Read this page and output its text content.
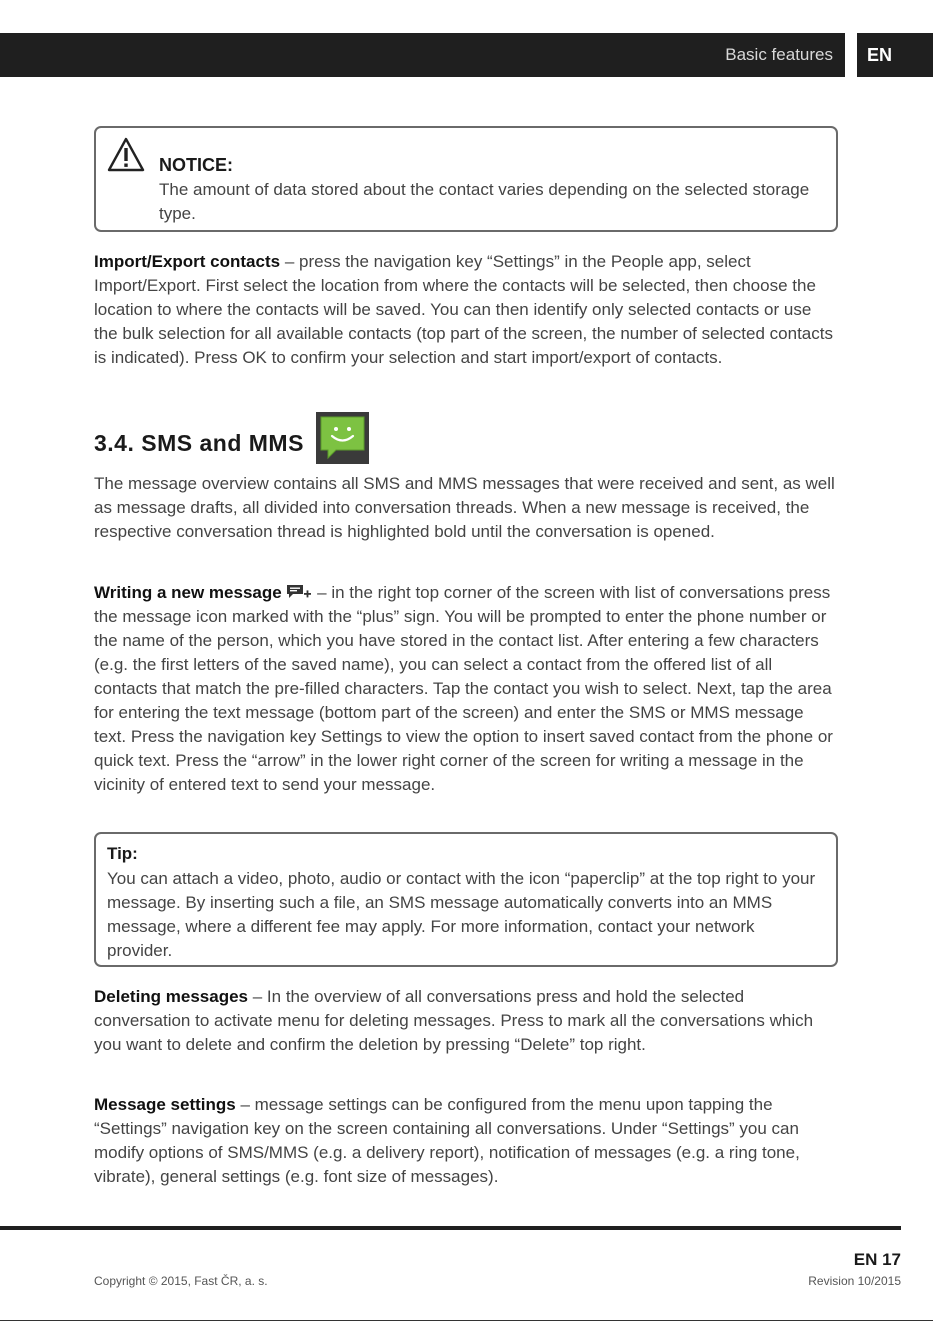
Basic features	EN
NOTICE:
The amount of data stored about the contact varies depending on the selected storage type.

Import/Export contacts – press the navigation key “Settings” in the People app, select Import/Export. First select the location from where the contacts will be selected, then choose the location to where the contacts will be saved. You can then identify only selected contacts or use the bulk selection for all available contacts (top part of the screen, the number of selected contacts is indicated). Press OK to confirm your selection and start import/export of contacts.

3.4. SMS and MMS

The message overview contains all SMS and MMS messages that were received and sent, as well as message drafts, all divided into conversation threads. When a new message is received, the respective conversation thread is highlighted bold until the conversation is opened.

Writing a new message  – in the right top corner of the screen with list of conversations press the message icon marked with the “plus” sign. You will be prompted to enter the phone number or the name of the person, which you have stored in the contact list. After entering a few characters (e.g. the first letters of the saved name), you can select a contact from the offered list of all contacts that match the pre-filled characters. Tap the contact you wish to select. Next, tap the area for entering the text message (bottom part of the screen) and enter the SMS or MMS message text. Press the navigation key Settings to view the option to insert saved contact from the phone or quick text. Press the “arrow” in the lower right corner of the screen for writing a message in the vicinity of entered text to send your message.

Tip:
You can attach a video, photo, audio or contact with the icon “paperclip” at the top right to your message. By inserting such a file, an SMS message automatically converts into an MMS message, where a different fee may apply. For more information, contact your network provider.

Deleting messages – In the overview of all conversations press and hold the selected conversation to activate menu for deleting messages. Press to mark all the conversations which you want to delete and confirm the deletion by pressing “Delete” top right.

Message settings – message settings can be configured from the menu upon tapping the “Settings” navigation key on the screen containing all conversations. Under “Settings” you can modify options of SMS/MMS (e.g. a delivery report), notification of messages (e.g. a ring tone, vibrate), general settings (e.g. font size of messages).

EN 17
Copyright © 2015, Fast ČR, a. s.	Revision 10/2015
